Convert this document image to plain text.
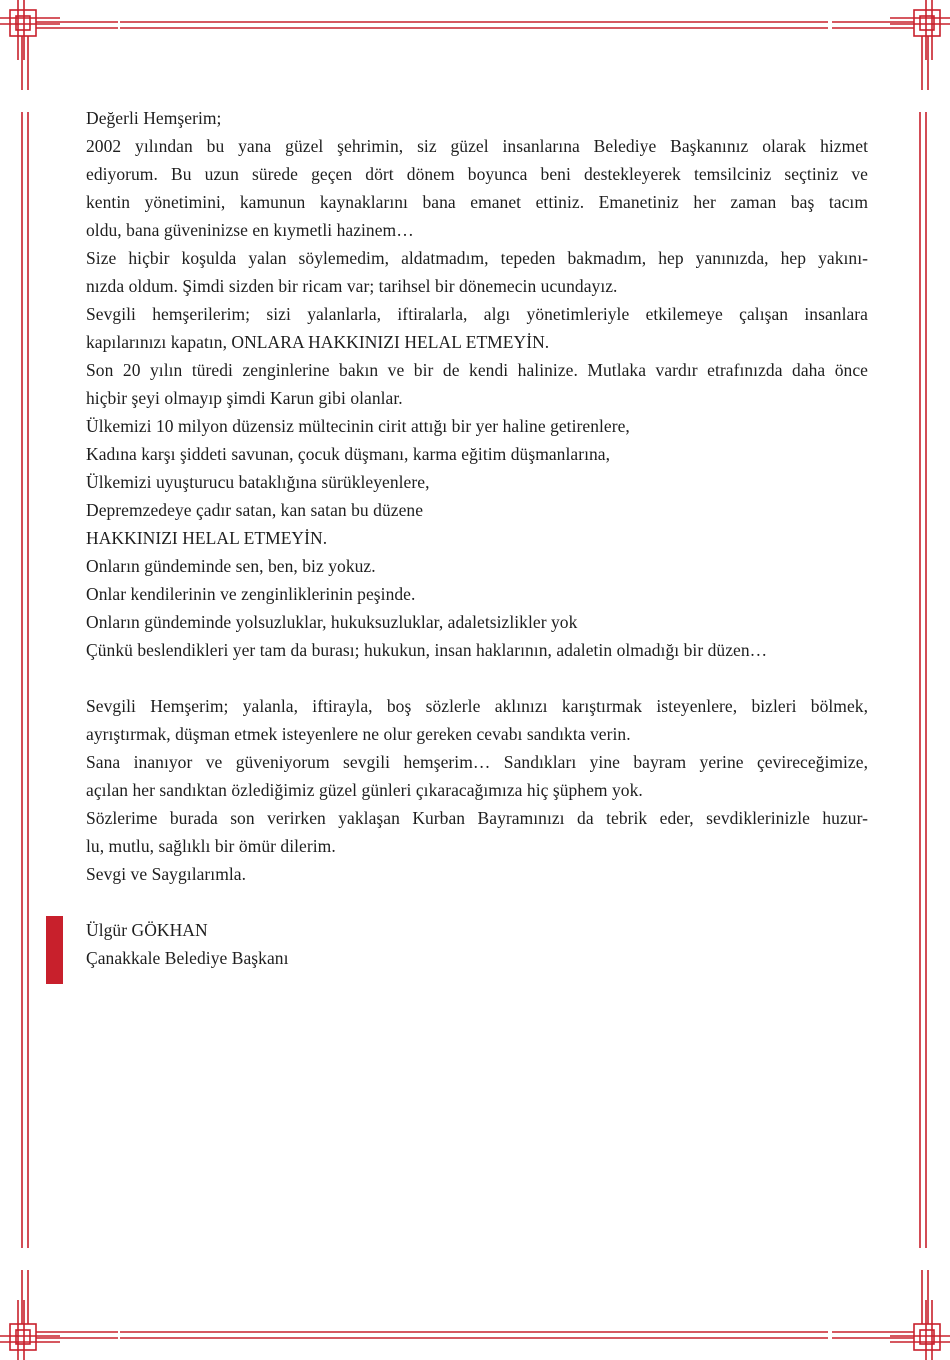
Değerli Hemşerim;

2002 yılından bu yana güzel şehrimin, siz güzel insanlarına Belediye Başkanınız olarak hizmet

ediyorum. Bu uzun sürede geçen dört dönem boyunca beni destekleyerek temsilciniz seçtiniz ve

kentin yönetimini, kamunun kaynaklarını bana emanet ettiniz. Emanetiniz her zaman baş tacım

oldu, bana güveninizse en kıymetli hazinem…

Size hiçbir koşulda yalan söylemedim, aldatmadım, tepeden bakmadım, hep yanınızda, hep yakını-

nızda oldum. Şimdi sizden bir ricam var; tarihsel bir dönemecin ucundayız.

Sevgili hemşerilerim; sizi yalanlarla, iftiralarla, algı yönetimleriyle etkilemeye çalışan insanlara

kapılarınızı kapatın, ONLARA HAKKINIZI HELAL ETMEYİN.

Son 20 yılın türedi zenginlerine bakın ve bir de kendi halinize. Mutlaka vardır etrafınızda daha önce

hiçbir şeyi olmayıp şimdi Karun gibi olanlar.

Ülkemizi 10 milyon düzensiz mültecinin cirit attığı bir yer haline getirenlere,

Kadına karşı şiddeti savunan, çocuk düşmanı, karma eğitim düşmanlarına,

Ülkemizi uyuşturucu bataklığına sürükleyenlere,

Depremzedeye çadır satan, kan satan bu düzene

HAKKINIZI HELAL ETMEYİN.

Onların gündeminde sen, ben, biz yokuz.

Onlar kendilerinin ve zenginliklerinin peşinde.

Onların gündeminde yolsuzluklar, hukuksuzluklar, adaletsizlikler yok

Çünkü beslendikleri yer tam da burası; hukukun, insan haklarının, adaletin olmadığı bir düzen…

Sevgili Hemşerim; yalanla, iftirayla, boş sözlerle aklınızı karıştırmak isteyenlere, bizleri bölmek,

ayrıştırmak, düşman etmek isteyenlere ne olur gereken cevabı sandıkta verin.

Sana inanıyor ve güveniyorum sevgili hemşerim… Sandıkları yine bayram yerine çevireceğimize,

açılan her sandıktan özlediğimiz güzel günleri çıkaracağımıza hiç şüphem yok.

Sözlerime burada son verirken yaklaşan Kurban Bayramınızı da tebrik eder, sevdiklerinizle huzur-

lu, mutlu, sağlıklı bir ömür dilerim.

Sevgi ve Saygılarımla.

Ülgür GÖKHAN

Çanakkale Belediye Başkanı
